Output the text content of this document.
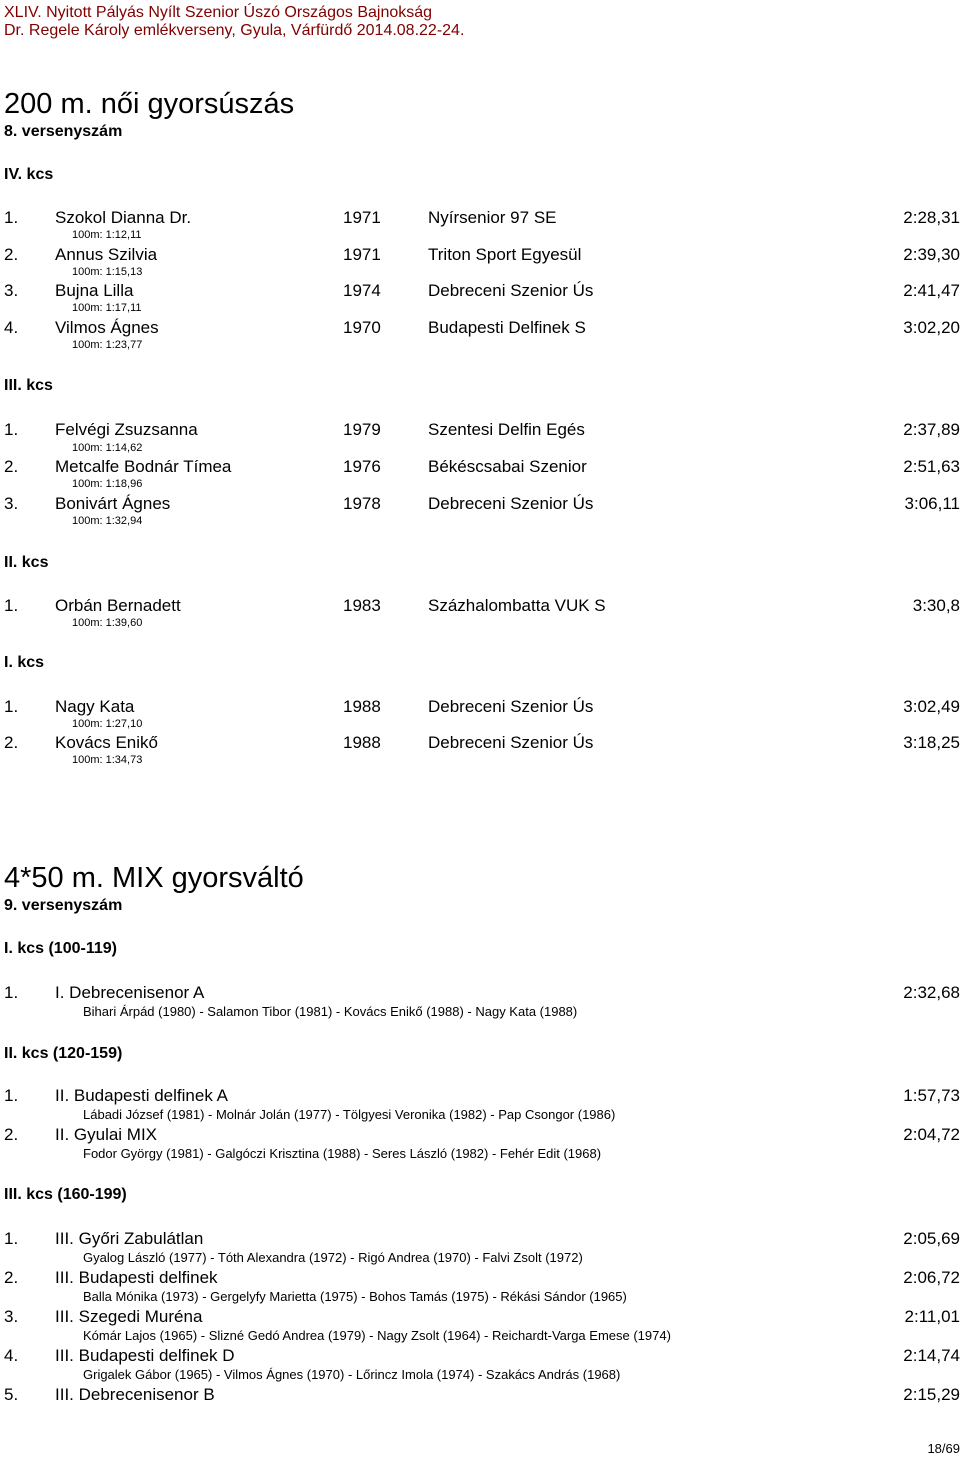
XLIV. Nyitott Pályás Nyílt Szenior Úszó Országos Bajnokság
Dr. Regele Károly emlékverseny, Gyula, Várfürdő 2014.08.22-24.
200 m. női gyorsúszás
8. versenyszám
IV. kcs
1. Szokol Dianna Dr.	1971	Nyírsenior 97 SE	2:28,31
100m: 1:12,11
2. Annus Szilvia	1971	Triton Sport Egyesül	2:39,30
100m: 1:15,13
3. Bujna Lilla	1974	Debreceni Szenior Ús	2:41,47
100m: 1:17,11
4. Vilmos Ágnes	1970	Budapesti Delfinek S	3:02,20
100m: 1:23,77
III. kcs
1. Felvégi Zsuzsanna	1979	Szentesi Delfin Egés	2:37,89
100m: 1:14,62
2. Metcalfe Bodnár Tímea	1976	Békéscsabai Szenior	2:51,63
100m: 1:18,96
3. Bonivárt Ágnes	1978	Debreceni Szenior Ús	3:06,11
100m: 1:32,94
II. kcs
1. Orbán Bernadett	1983	Százhalombatta VUK S	3:30,8
100m: 1:39,60
I. kcs
1. Nagy Kata	1988	Debreceni Szenior Ús	3:02,49
100m: 1:27,10
2. Kovács Enikő	1988	Debreceni Szenior Ús	3:18,25
100m: 1:34,73
4*50 m. MIX gyorsváltó
9. versenyszám
I. kcs (100-119)
1. I. Debrecenisenor A	2:32,68
Bihari Árpád (1980) - Salamon Tibor (1981) - Kovács Enikő (1988) - Nagy Kata (1988)
II. kcs (120-159)
1. II. Budapesti delfinek A	1:57,73
Lábadi József (1981) - Molnár Jolán (1977) - Tölgyesi Veronika (1982) - Pap Csongor (1986)
2. II. Gyulai MIX	2:04,72
Fodor György (1981) - Galgóczi Krisztina (1988) - Seres László (1982) - Fehér Edit (1968)
III. kcs (160-199)
1. III. Győri Zabulátlan	2:05,69
Gyalog László (1977) - Tóth Alexandra (1972) - Rigó Andrea (1970) - Falvi Zsolt (1972)
2. III. Budapesti delfinek	2:06,72
Balla Mónika (1973) - Gergelyfy Marietta (1975) - Bohos Tamás (1975) - Rékási Sándor (1965)
3. III. Szegedi Muréna	2:11,01
Kómár Lajos (1965) - Slizné Gedó Andrea (1979) - Nagy Zsolt (1964) - Reichardt-Varga Emese (1974)
4. III. Budapesti delfinek D	2:14,74
Grigalek Gábor (1965) - Vilmos Ágnes (1970) - Lőrincz Imola (1974) - Szakács András (1968)
5. III. Debrecenisenor B	2:15,29
18/69
